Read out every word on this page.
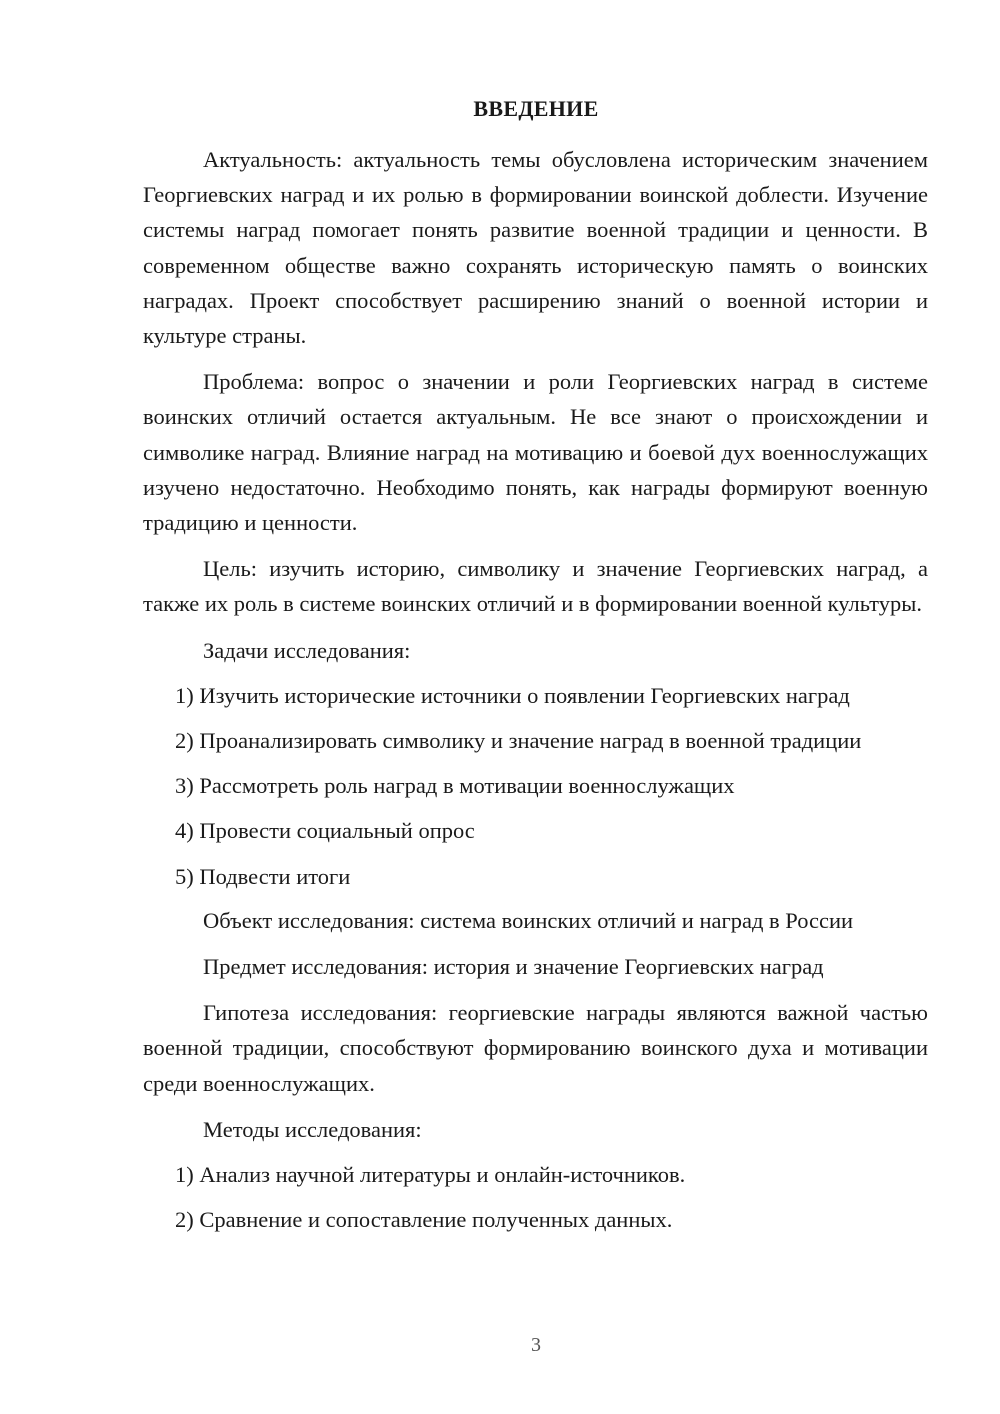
ВВЕДЕНИЕ

Актуальность: актуальность темы обусловлена историческим значением Георгиевских наград и их ролью в формировании воинской доблести. Изучение системы наград помогает понять развитие военной традиции и ценности. В современном обществе важно сохранять историческую память о воинских наградах. Проект способствует расширению знаний о военной истории и культуре страны.

Проблема: вопрос о значении и роли Георгиевских наград в системе воинских отличий остается актуальным. Не все знают о происхождении и символике наград. Влияние наград на мотивацию и боевой дух военнослужащих изучено недостаточно. Необходимо понять, как награды формируют военную традицию и ценности.

Цель: изучить историю, символику и значение Георгиевских наград, а также их роль в системе воинских отличий и в формировании военной культуры.

Задачи исследования:

1) Изучить исторические источники о появлении Георгиевских наград

2) Проанализировать символику и значение наград в военной традиции

3) Рассмотреть роль наград в мотивации военнослужащих

4) Провести социальный опрос

5) Подвести итоги

Объект исследования: система воинских отличий и наград в России

Предмет исследования: история и значение Георгиевских наград

Гипотеза исследования: георгиевские награды являются важной частью военной традиции, способствуют формированию воинского духа и мотивации среди военнослужащих.

Методы исследования:

1) Анализ научной литературы и онлайн-источников.

2) Сравнение и сопоставление полученных данных.

3
